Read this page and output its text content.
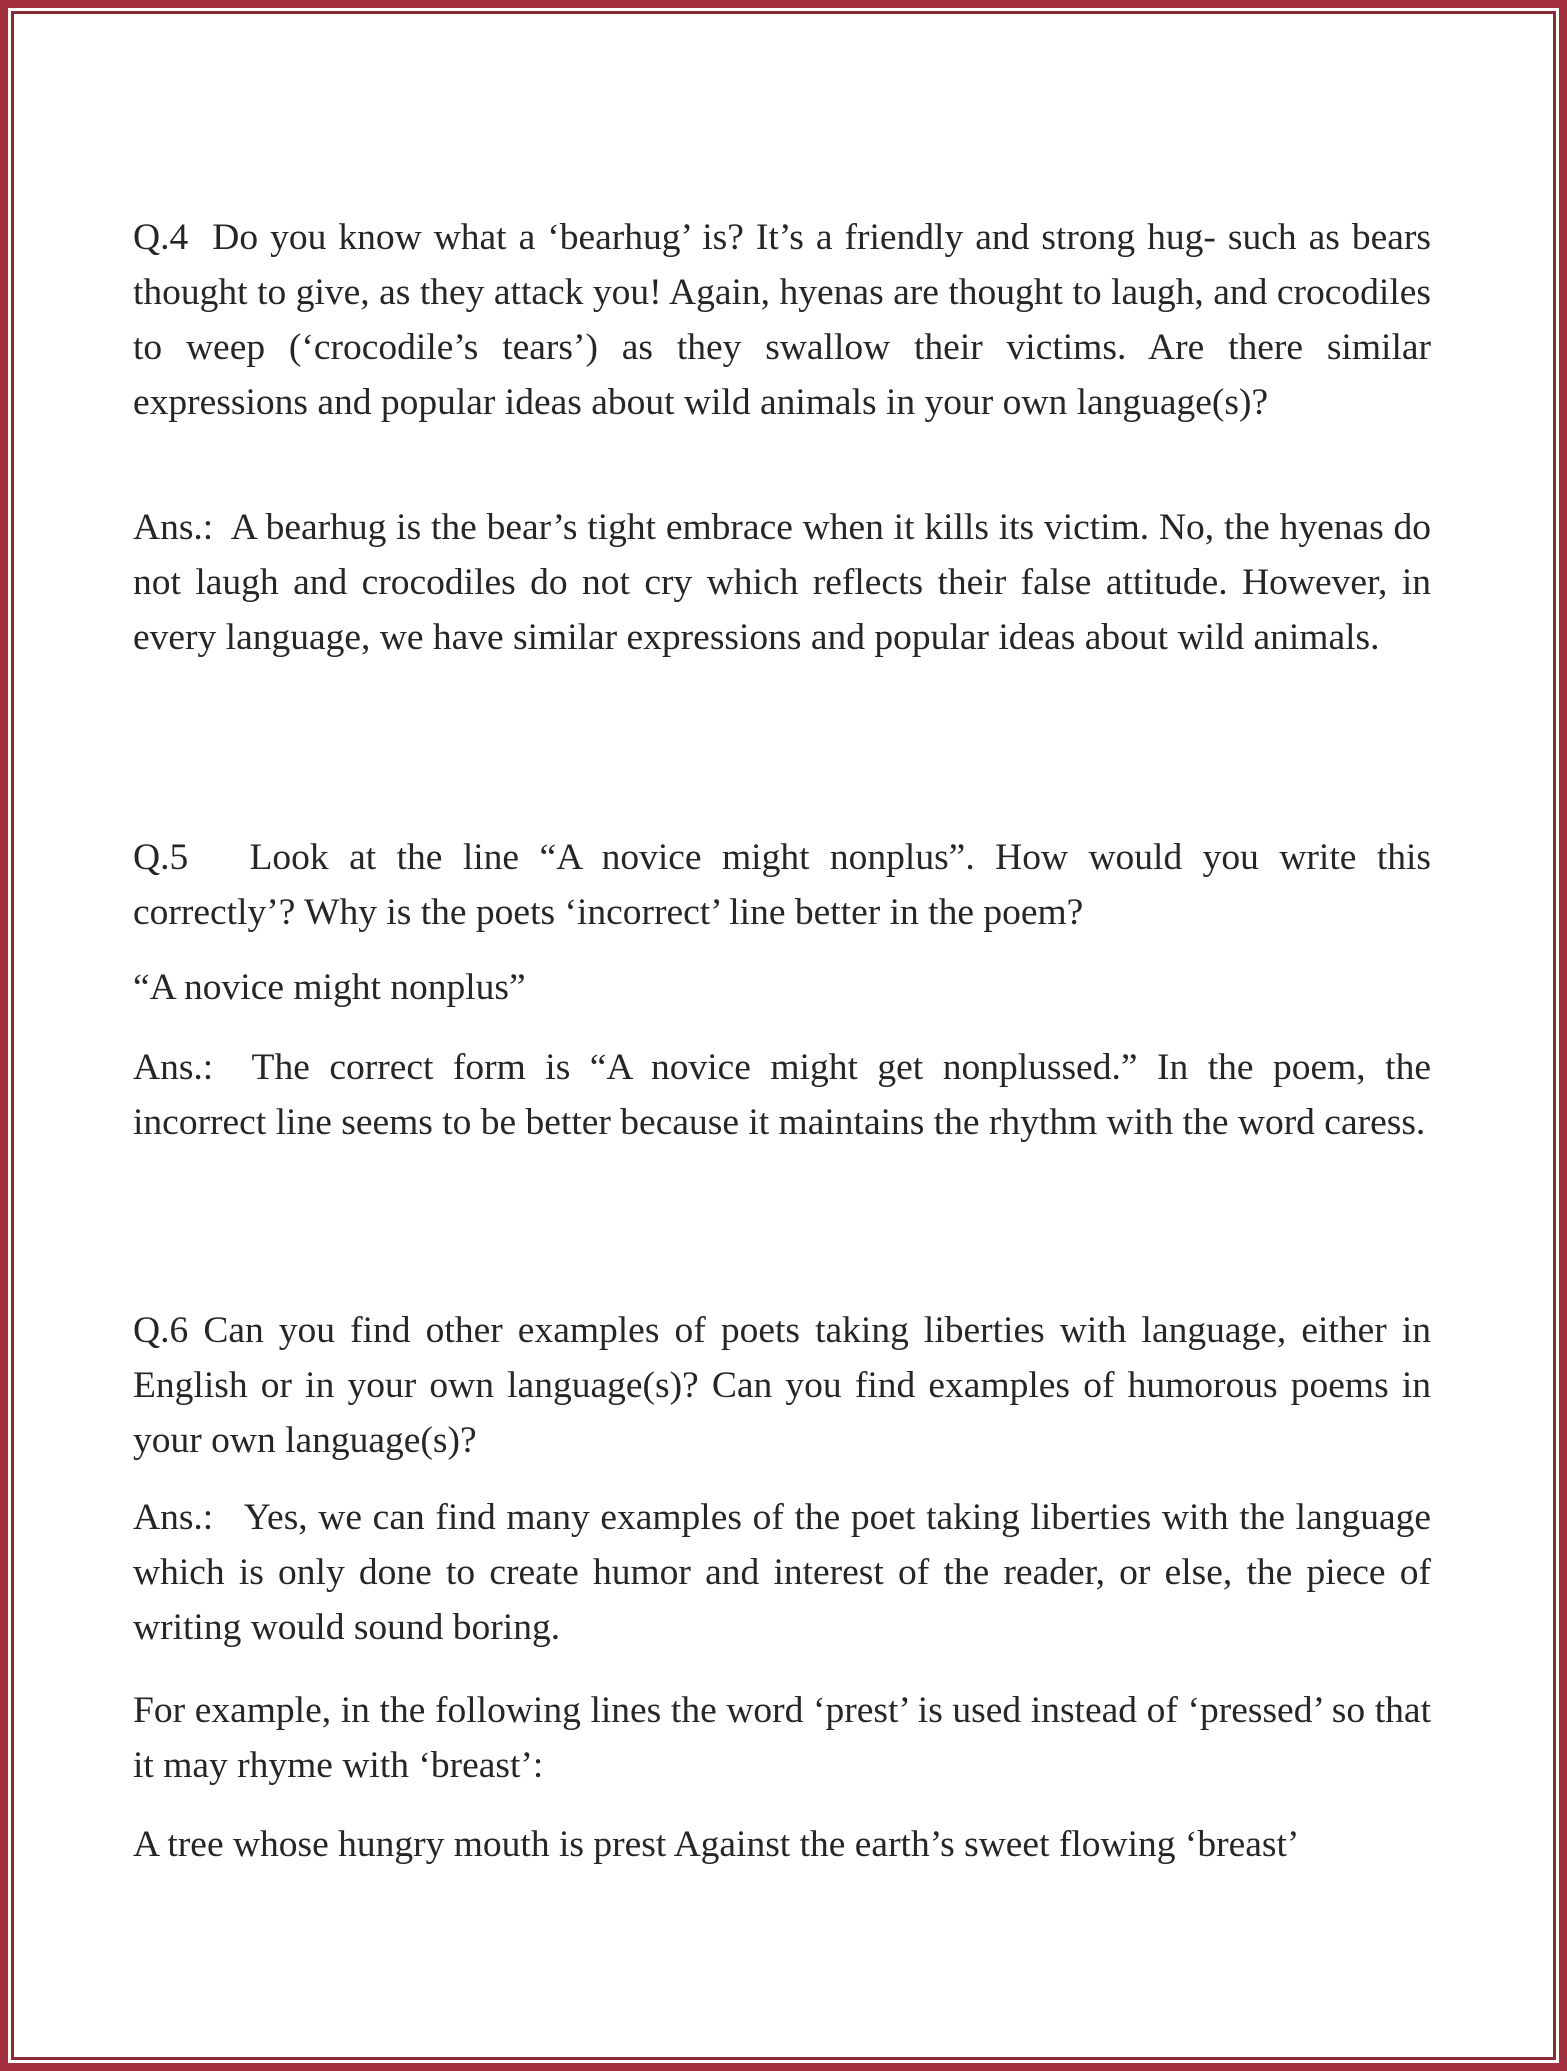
Q.4 Do you know what a ‘bearhug’ is? It’s a friendly and strong hug- such as bears thought to give, as they attack you! Again, hyenas are thought to laugh, and crocodiles to weep (‘crocodile’s tears’) as they swallow their victims. Are there similar expressions and popular ideas about wild animals in your own language(s)?

Ans.: A bearhug is the bear’s tight embrace when it kills its victim. No, the hyenas do not laugh and crocodiles do not cry which reflects their false attitude. However, in every language, we have similar expressions and popular ideas about wild animals.

Q.5 Look at the line “A novice might nonplus”. How would you write this correctly’? Why is the poets ‘incorrect’ line better in the poem?

“A novice might nonplus”

Ans.: The correct form is “A novice might get nonplussed.” In the poem, the incorrect line seems to be better because it maintains the rhythm with the word caress.

Q.6 Can you find other examples of poets taking liberties with language, either in English or in your own language(s)? Can you find examples of humorous poems in your own language(s)?

Ans.: Yes, we can find many examples of the poet taking liberties with the language which is only done to create humor and interest of the reader, or else, the piece of writing would sound boring.

For example, in the following lines the word ‘prest’ is used instead of ‘pressed’ so that it may rhyme with ‘breast’:

A tree whose hungry mouth is prest Against the earth’s sweet flowing ‘breast’
